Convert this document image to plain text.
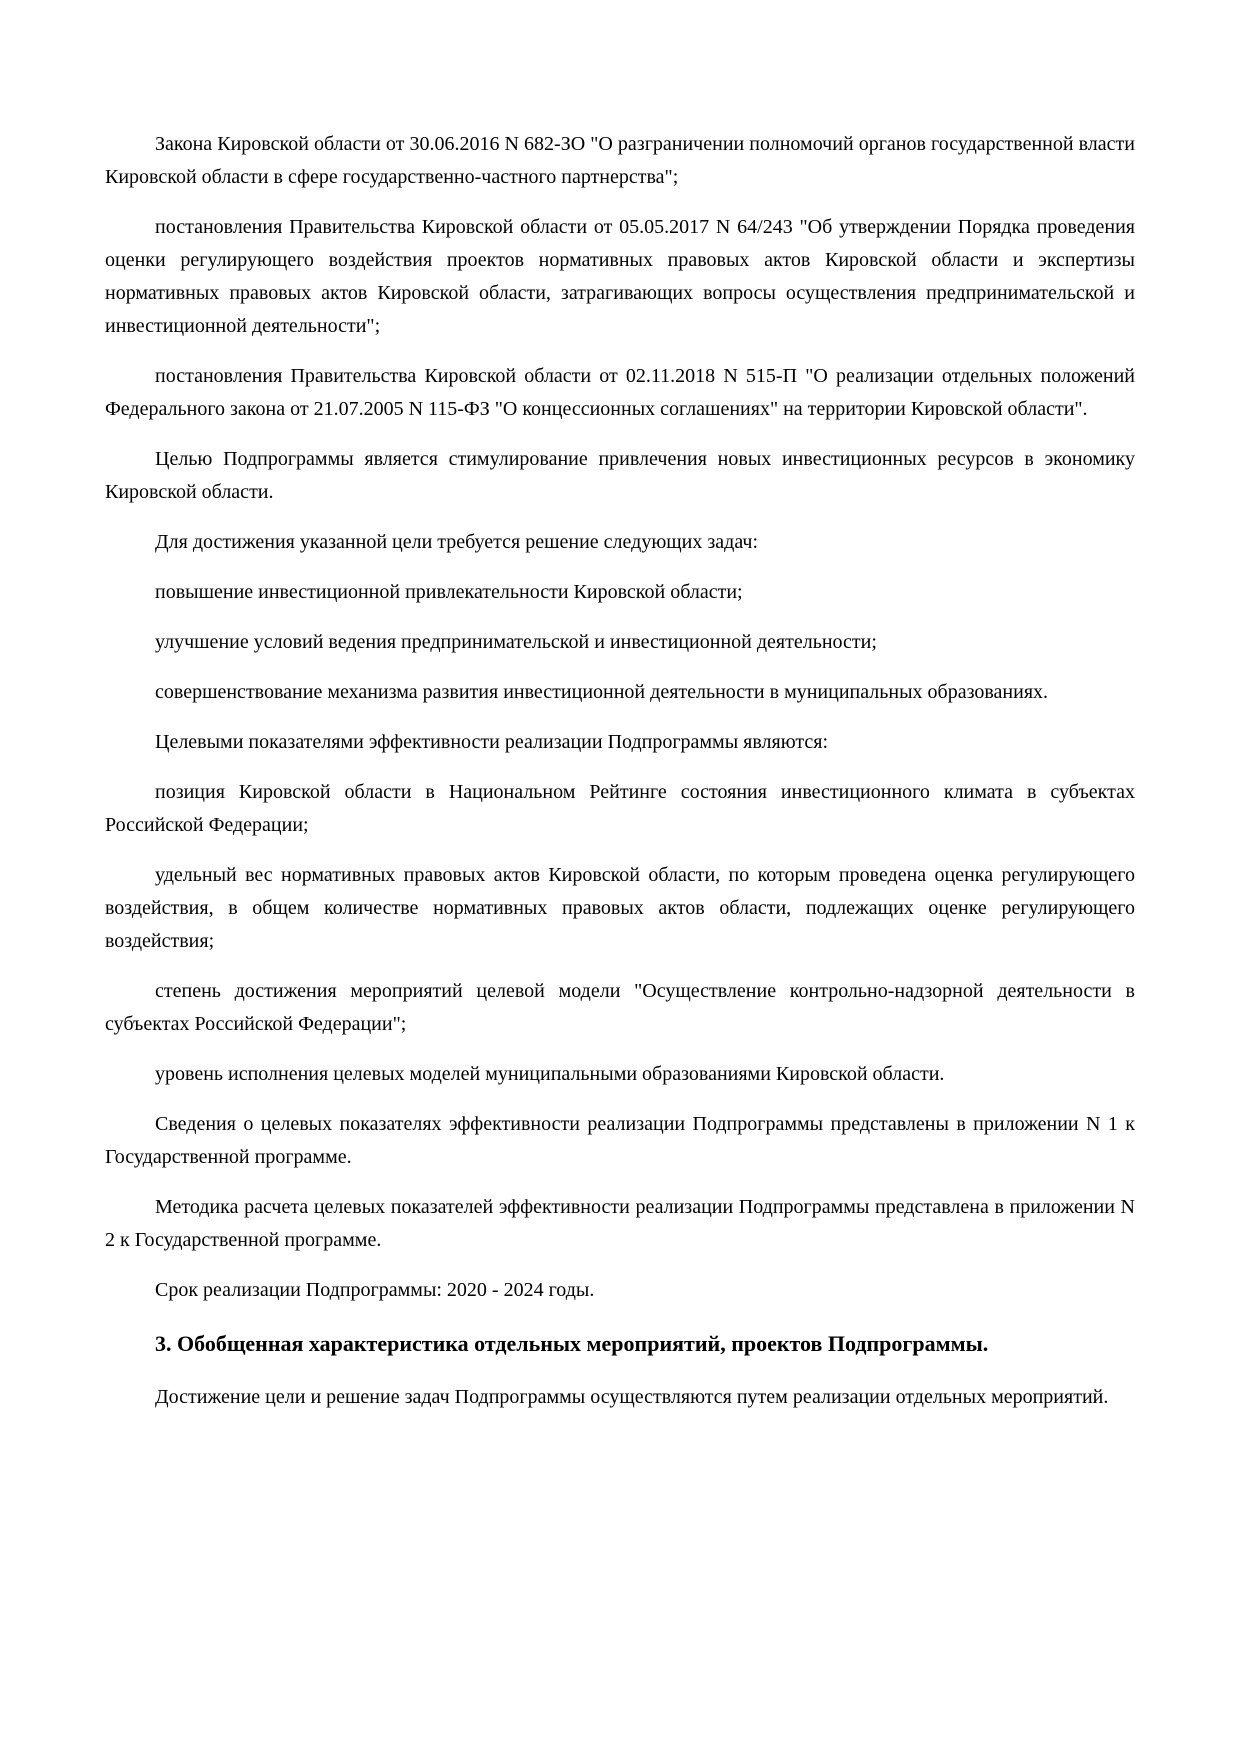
Закона Кировской области от 30.06.2016 N 682-ЗО "О разграничении полномочий органов государственной власти Кировской области в сфере государственно-частного партнерства";

постановления Правительства Кировской области от 05.05.2017 N 64/243 "Об утверждении Порядка проведения оценки регулирующего воздействия проектов нормативных правовых актов Кировской области и экспертизы нормативных правовых актов Кировской области, затрагивающих вопросы осуществления предпринимательской и инвестиционной деятельности";

постановления Правительства Кировской области от 02.11.2018 N 515-П "О реализации отдельных положений Федерального закона от 21.07.2005 N 115-ФЗ "О концессионных соглашениях" на территории Кировской области".

Целью Подпрограммы является стимулирование привлечения новых инвестиционных ресурсов в экономику Кировской области.

Для достижения указанной цели требуется решение следующих задач:

повышение инвестиционной привлекательности Кировской области;

улучшение условий ведения предпринимательской и инвестиционной деятельности;

совершенствование механизма развития инвестиционной деятельности в муниципальных образованиях.

Целевыми показателями эффективности реализации Подпрограммы являются:

позиция Кировской области в Национальном Рейтинге состояния инвестиционного климата в субъектах Российской Федерации;

удельный вес нормативных правовых актов Кировской области, по которым проведена оценка регулирующего воздействия, в общем количестве нормативных правовых актов области, подлежащих оценке регулирующего воздействия;

степень достижения мероприятий целевой модели "Осуществление контрольно-надзорной деятельности в субъектах Российской Федерации";

уровень исполнения целевых моделей муниципальными образованиями Кировской области.

Сведения о целевых показателях эффективности реализации Подпрограммы представлены в приложении N 1 к Государственной программе.

Методика расчета целевых показателей эффективности реализации Подпрограммы представлена в приложении N 2 к Государственной программе.

Срок реализации Подпрограммы: 2020 - 2024 годы.

3. Обобщенная характеристика отдельных мероприятий, проектов Подпрограммы.

Достижение цели и решение задач Подпрограммы осуществляются путем реализации отдельных мероприятий.
